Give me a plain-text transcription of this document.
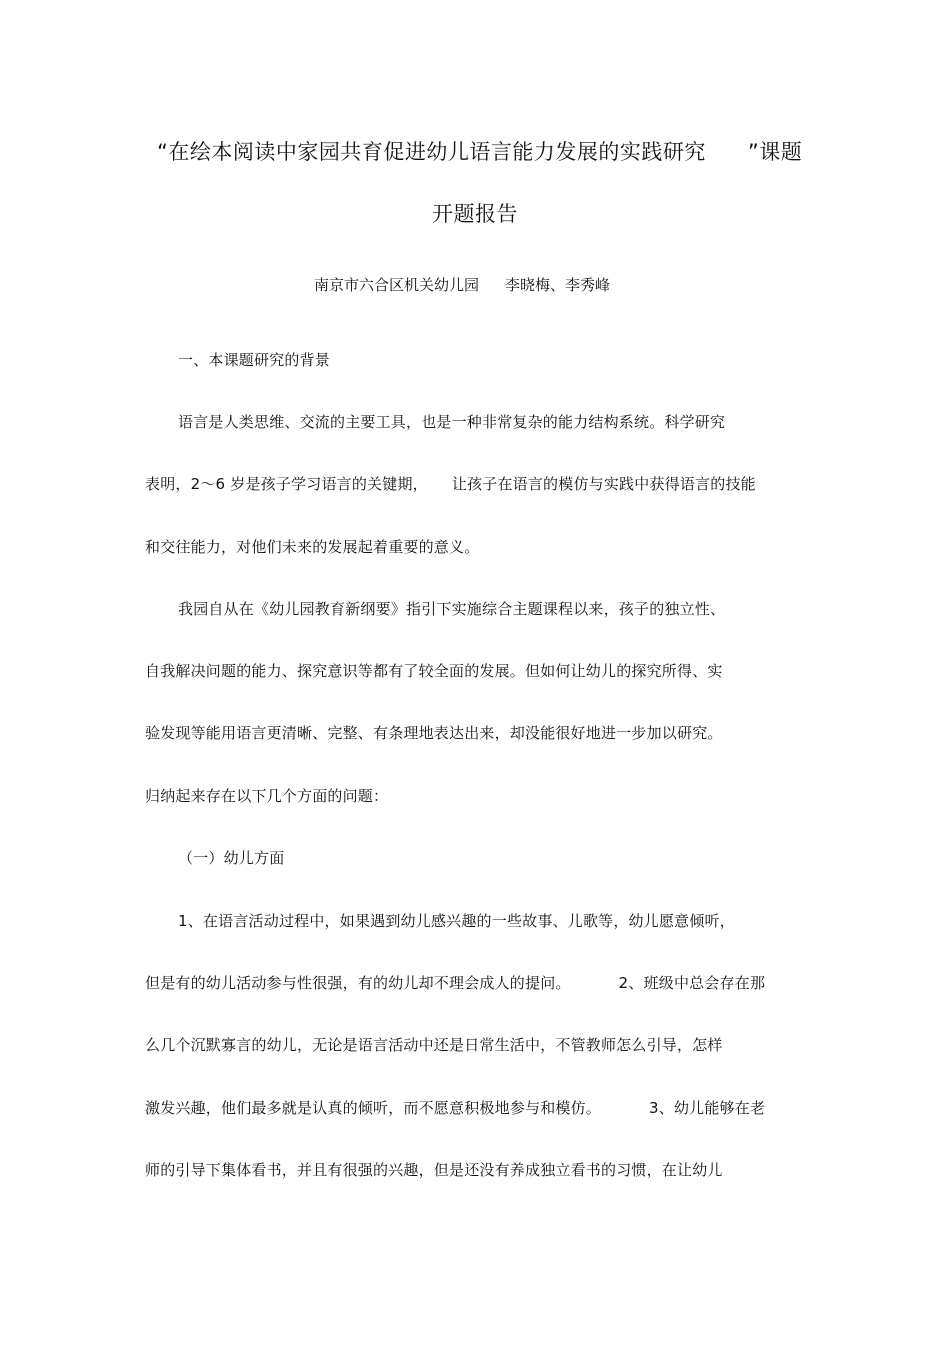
“在绘本阅读中家园共育促进幼儿语言能力发展的实践研究 ”课题
开题报告
南京市六合区机关幼儿园 李晓梅、李秀峰
一、本课题研究的背景
语言是人类思维、交流的主要工具，也是一种非常复杂的能力结构系统。科学研究
表明，2～6 岁是孩子学习语言的关键期， 让孩子在语言的模仿与实践中获得语言的技能
和交往能力，对他们未来的发展起着重要的意义。
我园自从在《幼儿园教育新纲要》指引下实施综合主题课程以来，孩子的独立性、
自我解决问题的能力、探究意识等都有了较全面的发展。但如何让幼儿的探究所得、实
验发现等能用语言更清晰、完整、有条理地表达出来，却没能很好地进一步加以研究。
归纳起来存在以下几个方面的问题：
（一）幼儿方面
1、在语言活动过程中，如果遇到幼儿感兴趣的一些故事、儿歌等，幼儿愿意倾听，
但是有的幼儿活动参与性很强，有的幼儿却不理会成人的提问。	2、班级中总会存在那
么几个沉默寡言的幼儿，无论是语言活动中还是日常生活中，不管教师怎么引导，怎样
激发兴趣，他们最多就是认真的倾听，而不愿意积极地参与和模仿。	3、幼儿能够在老
师的引导下集体看书，并且有很强的兴趣，但是还没有养成独立看书的习惯，在让幼儿
